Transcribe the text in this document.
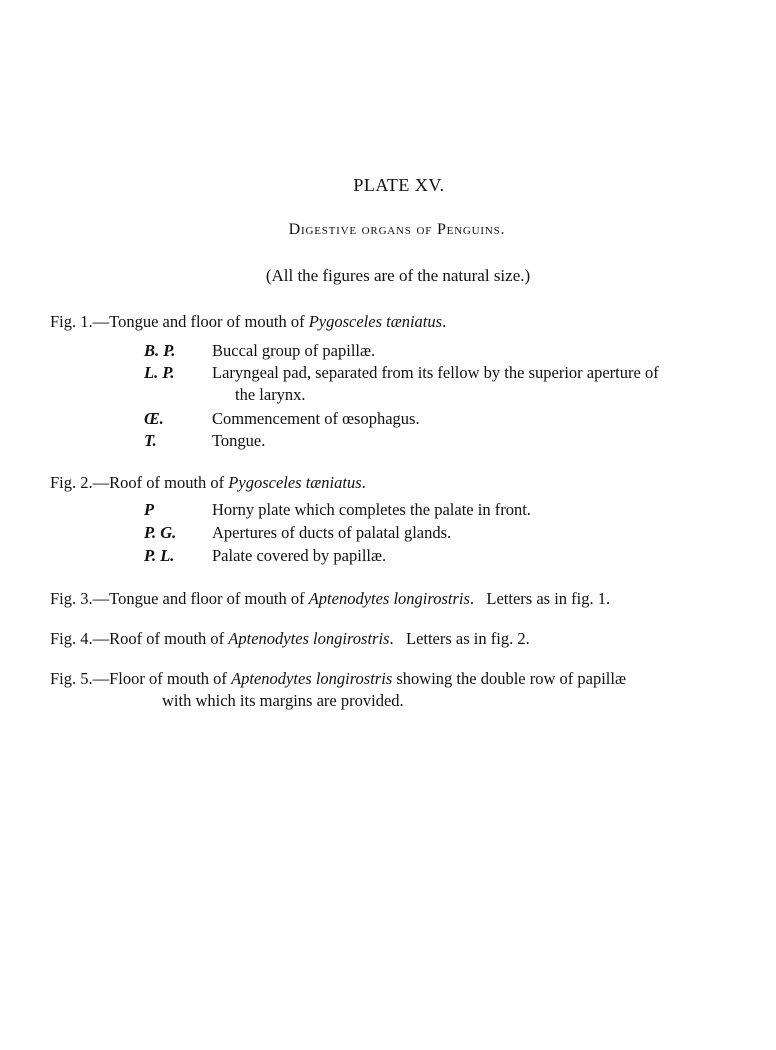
PLATE XV.
Digestive organs of Penguins.
(All the figures are of the natural size.)
Fig. 1.—Tongue and floor of mouth of Pygosceles tæniatus.
B. P.	Buccal group of papillæ.
L. P.	Laryngeal pad, separated from its fellow by the superior aperture of
the larynx.
Œ.	Commencement of œsophagus.
T.	Tongue.
Fig. 2.—Roof of mouth of Pygosceles tæniatus.
P	Horny plate which completes the palate in front.
P. G.	Apertures of ducts of palatal glands.
P. L.	Palate covered by papillæ.
Fig. 3.—Tongue and floor of mouth of Aptenodytes longirostris.   Letters as in fig. 1.
Fig. 4.—Roof of mouth of Aptenodytes longirostris.   Letters as in fig. 2.
Fig. 5.—Floor of mouth of Aptenodytes longirostris showing the double row of papillæ
with which its margins are provided.
